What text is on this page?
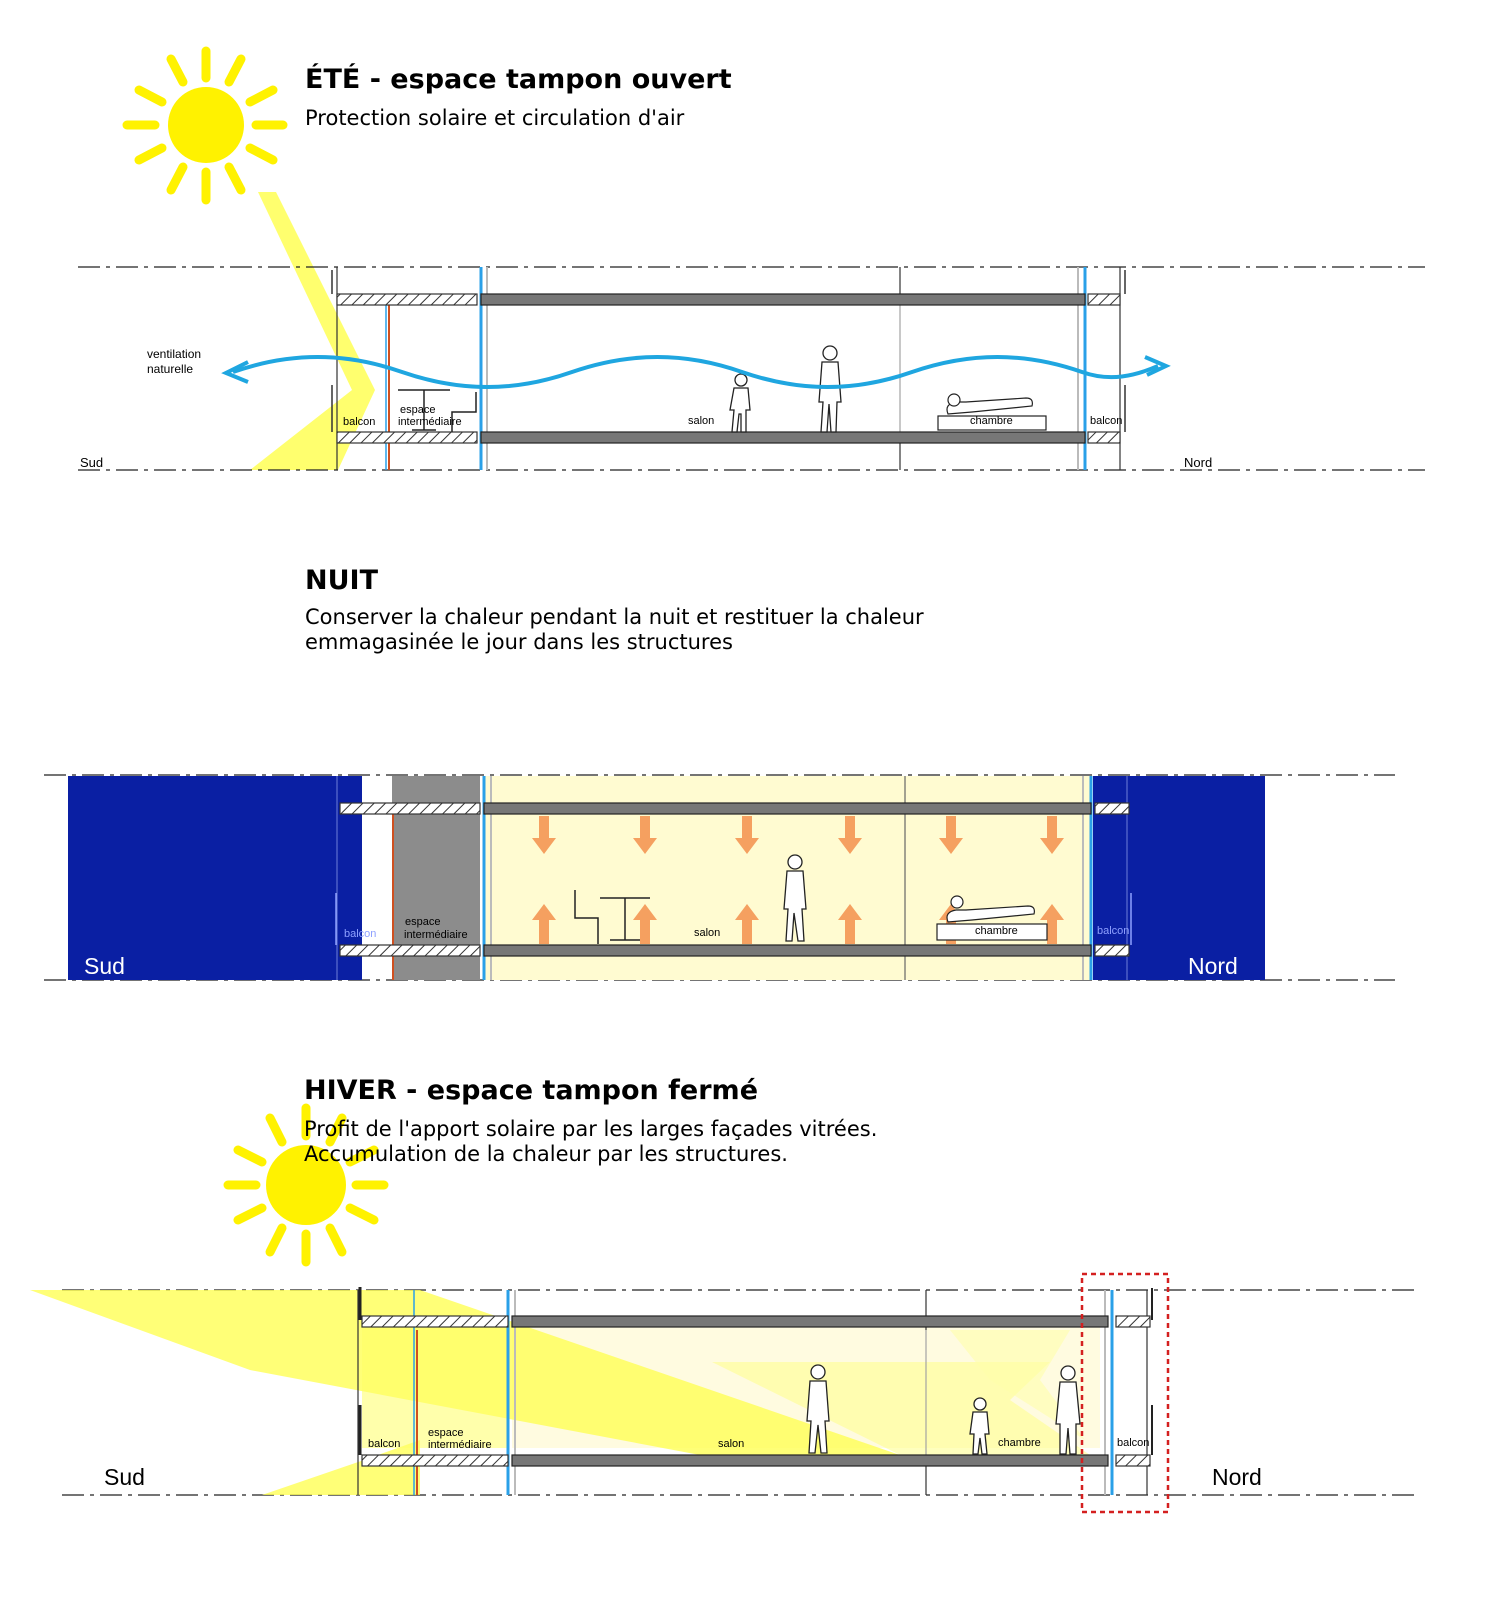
ventilation
naturelle
balcon
espace
intermédiaire	salon	chambre	balcon
Sud	Nord
balcon
espace
intermédiaire	salon	chambre	balcon
Sud	Nord
balcon
espace
intermédiaire	salon	chambre	balcon
Sud	Nord
ÉTÉ - espace tampon ouvert
Protection solaire et circulation d'air
NUIT
Conserver la chaleur pendant la nuit et restituer la chaleur
emmagasinée le jour dans les structures
HIVER - espace tampon fermé
Profit de l'apport solaire par les larges façades vitrées.
Accumulation de la chaleur par les structures.
